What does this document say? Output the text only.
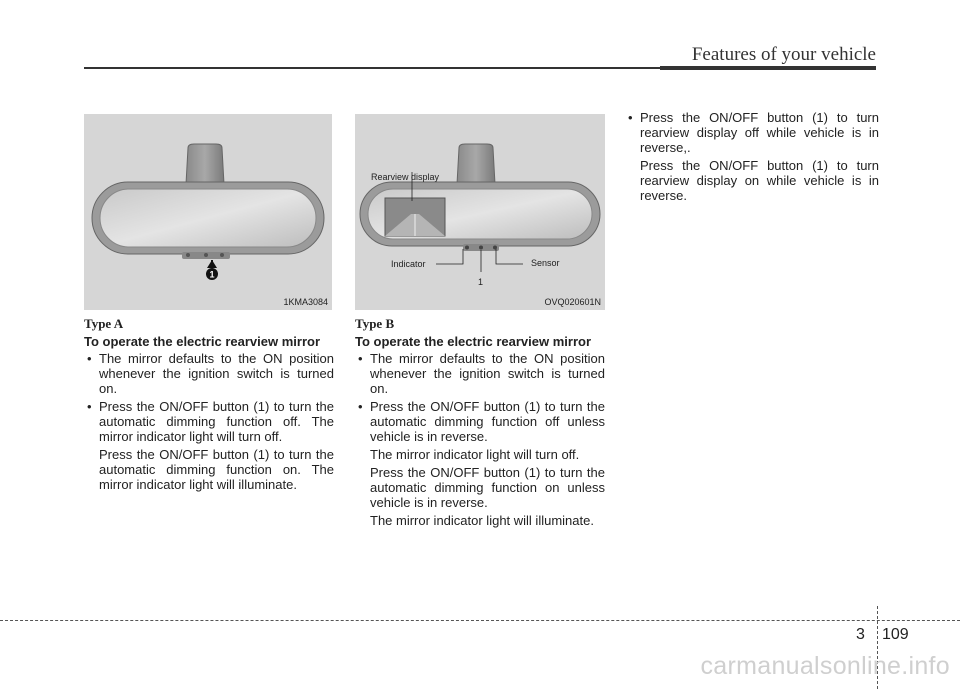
Features of your vehicle
1
1KMA3084
Rearview display
Indicator	Sensor
1
OVQ020601N
Type A
To operate the electric rearview mirror
• The mirror defaults to the ON position whenever the ignition switch is turned on.

• Press the ON/OFF button (1) to turn the automatic dimming function off. The mirror indicator light will turn off.

Press the ON/OFF button (1) to turn the automatic dimming function on. The mirror indicator light will illuminate.

Type B
To operate the electric rearview mirror
• The mirror defaults to the ON position whenever the ignition switch is turned on.

• Press the ON/OFF button (1) to turn the automatic dimming function off unless vehicle is in reverse.

The mirror indicator light will turn off.

Press the ON/OFF button (1) to turn the automatic dimming function on unless vehicle is in reverse.

The mirror indicator light will illuminate.

• Press the ON/OFF button (1) to turn rearview display off while vehicle is in reverse,.

Press the ON/OFF button (1) to turn rearview display on while vehicle is in reverse.

3 109
carmanualsonline.info
